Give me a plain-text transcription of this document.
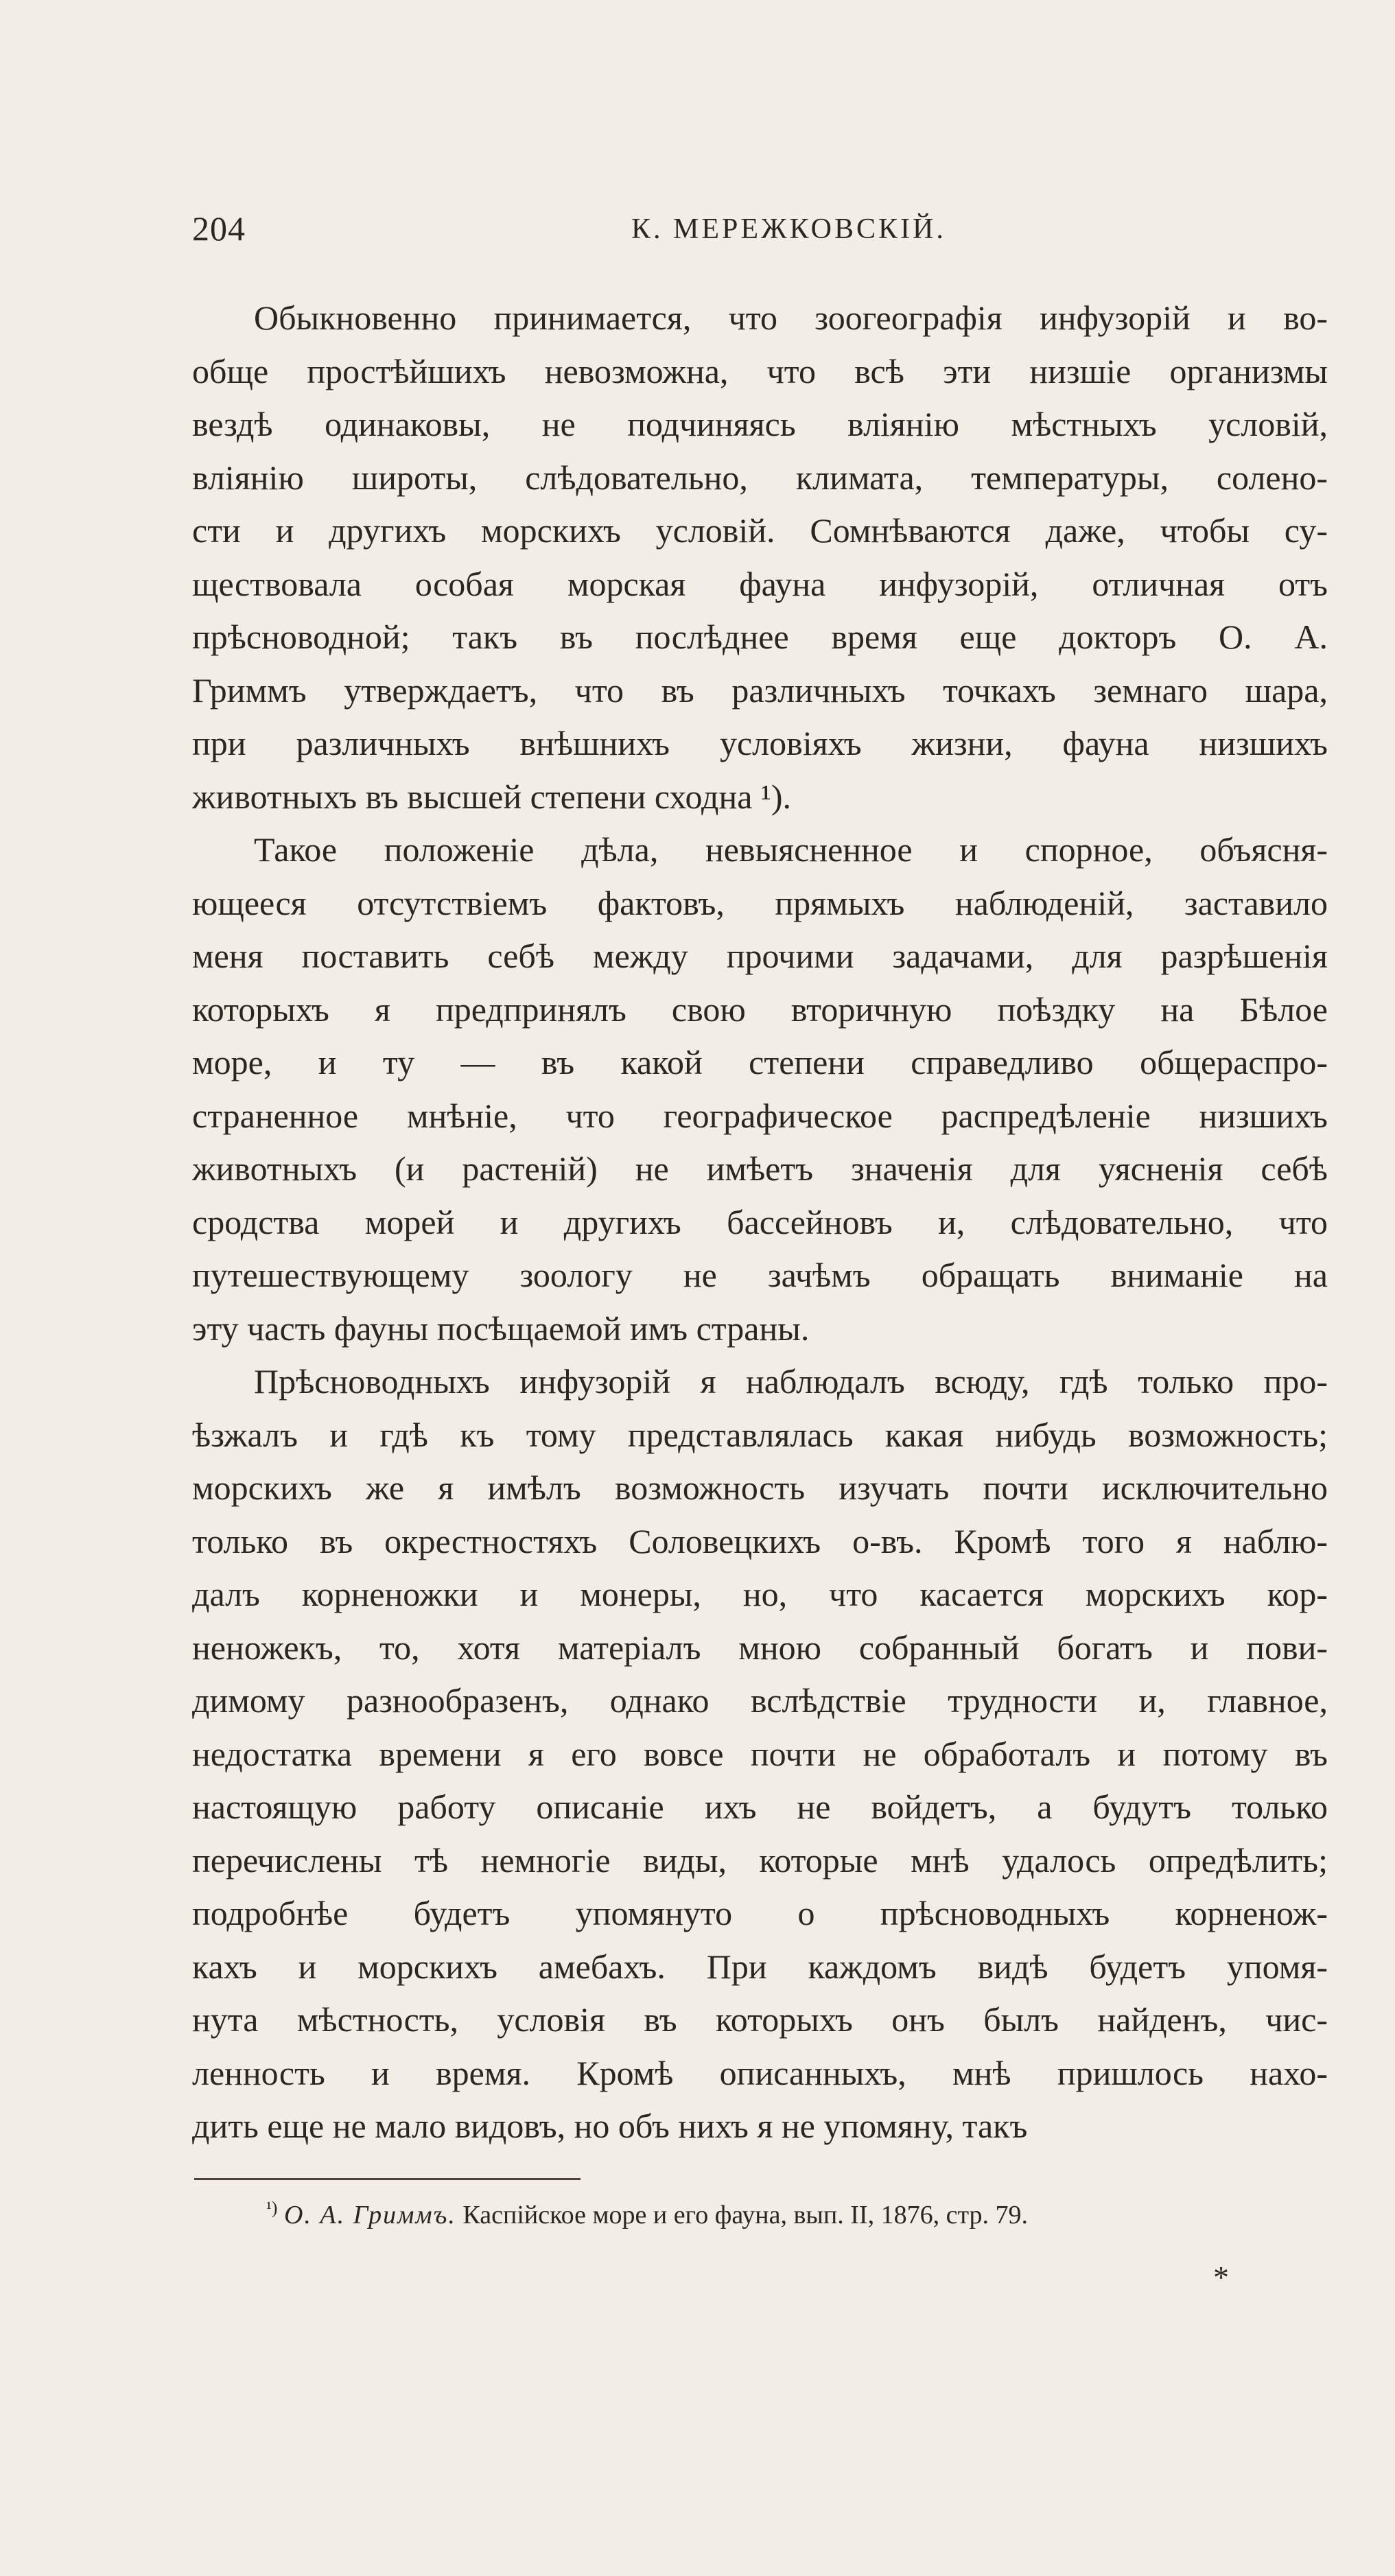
204	К. МЕРЕЖКОВСКІЙ.
Обыкновенно принимается, что зоогеографія инфузорій и во-
обще простѣйшихъ невозможна, что всѣ эти низшіе организмы
вездѣ одинаковы, не подчиняясь вліянію мѣстныхъ условій,
вліянію широты, слѣдовательно, климата, температуры, солено-
сти и другихъ морскихъ условій. Сомнѣваются даже, чтобы су-
ществовала особая морская фауна инфузорій, отличная отъ
прѣсноводной; такъ въ послѣднее время еще докторъ О. А.
Гриммъ утверждаетъ, что въ различныхъ точкахъ земнаго шара,
при различныхъ внѣшнихъ условіяхъ жизни, фауна низшихъ
животныхъ въ высшей степени сходна ¹).
Такое положеніе дѣла, невыясненное и спорное, объясня-
ющееся отсутствіемъ фактовъ, прямыхъ наблюденій, заставило
меня поставить себѣ между прочими задачами, для разрѣшенія
которыхъ я предпринялъ свою вторичную поѣздку на Бѣлое
море, и ту — въ какой степени справедливо общераспро-
страненное мнѣніе, что географическое распредѣленіе низшихъ
животныхъ (и растеній) не имѣетъ значенія для уясненія себѣ
сродства морей и другихъ бассейновъ и, слѣдовательно, что
путешествующему зоологу не зачѣмъ обращать вниманіе на
эту часть фауны посѣщаемой имъ страны.
Прѣсноводныхъ инфузорій я наблюдалъ всюду, гдѣ только про-
ѣзжалъ и гдѣ къ тому представлялась какая нибудь возможность;
морскихъ же я имѣлъ возможность изучать почти исключительно
только въ окрестностяхъ Соловецкихъ о-въ. Кромѣ того я наблю-
далъ корненожки и монеры, но, что касается морскихъ кор-
неножекъ, то, хотя матеріалъ мною собранный богатъ и пови-
димому разнообразенъ, однако вслѣдствіе трудности и, главное,
недостатка времени я его вовсе почти не обработалъ и потому въ
настоящую работу описаніе ихъ не войдетъ, а будутъ только
перечислены тѣ немногіе виды, которые мнѣ удалось опредѣлить;
подробнѣе будетъ упомянуто о прѣсноводныхъ корненож-
кахъ и морскихъ амебахъ. При каждомъ видѣ будетъ упомя-
нута мѣстность, условія въ которыхъ онъ былъ найденъ, чис-
ленность и время. Кромѣ описанныхъ, мнѣ пришлось нахо-
дить еще не мало видовъ, но объ нихъ я не упомяну, такъ
$^{^1)}$ О. А. Гриммъ. Каспійское море и его фауна, вып. II, 1876, стр. 79.
*
